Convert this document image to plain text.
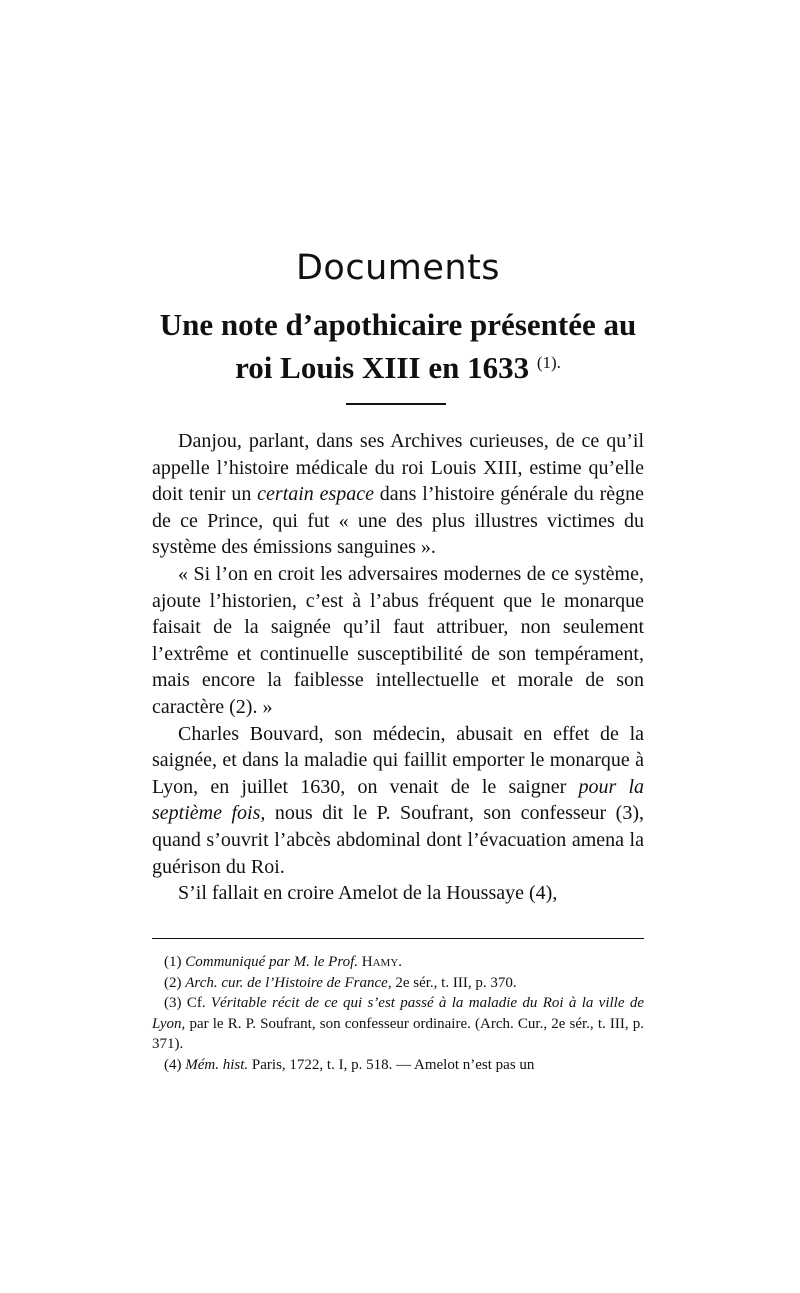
Documents
Une note d’apothicaire présentée au
roi Louis XIII en 1633 $^{(1).}$

Danjou, parlant, dans ses Archives curieuses, de ce qu’il appelle l’histoire médicale du roi Louis XIII, estime qu’elle doit tenir un certain espace dans l’histoire générale du règne de ce Prince, qui fut « une des plus illustres victimes du système des émissions sanguines ».

« Si l’on en croit les adversaires modernes de ce système, ajoute l’historien, c’est à l’abus fréquent que le monarque faisait de la saignée qu’il faut attribuer, non seulement l’extrême et continuelle susceptibilité de son tempérament, mais encore la faiblesse intellectuelle et morale de son caractère (2). »

Charles Bouvard, son médecin, abusait en effet de la saignée, et dans la maladie qui faillit emporter le monarque à Lyon, en juillet 1630, on venait de le saigner pour la septième fois, nous dit le P. Soufrant, son confesseur (3), quand s’ouvrit l’abcès abdominal dont l’évacuation amena la guérison du Roi.

S’il fallait en croire Amelot de la Houssaye (4),

(1) Communiqué par M. le Prof. Hamy.

(2) Arch. cur. de l’Histoire de France, 2e sér., t. III, p. 370.

(3) Cf. Véritable récit de ce qui s’est passé à la maladie du Roi à la ville de Lyon, par le R. P. Soufrant, son confesseur ordinaire. (Arch. Cur., 2e sér., t. III, p. 371).

(4) Mém. hist. Paris, 1722, t. I, p. 518. — Amelot n’est pas un
